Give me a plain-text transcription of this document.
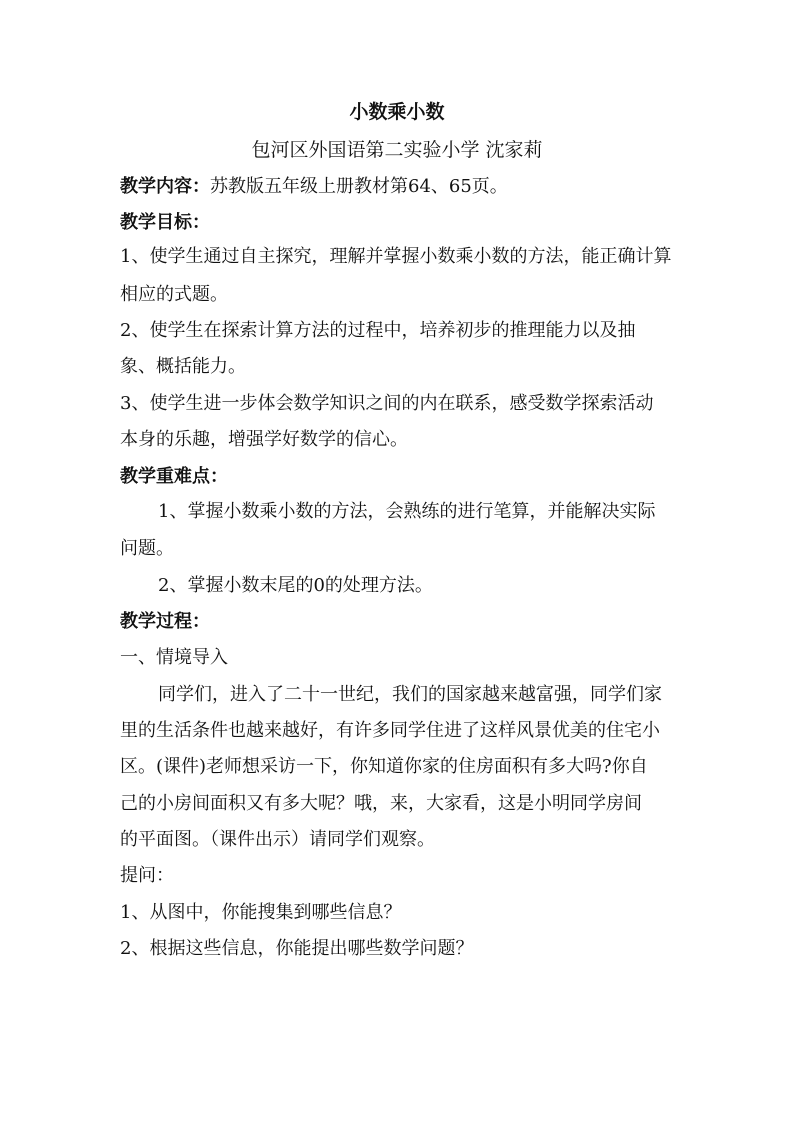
小数乘小数
包河区外国语第二实验小学 沈家莉
教学内容：苏教版五年级上册教材第64、65页。
教学目标：
1、使学生通过自主探究，理解并掌握小数乘小数的方法，能正确计算
相应的式题。
2、使学生在探索计算方法的过程中，培养初步的推理能力以及抽
象、概括能力。
3、使学生进一步体会数学知识之间的内在联系，感受数学探索活动
本身的乐趣，增强学好数学的信心。
教学重难点：
1、掌握小数乘小数的方法，会熟练的进行笔算，并能解决实际
问题。
2、掌握小数末尾的0的处理方法。
教学过程：
一、情境导入
同学们，进入了二十一世纪，我们的国家越来越富强，同学们家
里的生活条件也越来越好，有许多同学住进了这样风景优美的住宅小
区。(课件)老师想采访一下，你知道你家的住房面积有多大吗?你自
己的小房间面积又有多大呢？哦，来，大家看，这是小明同学房间
的平面图。（课件出示）请同学们观察。
提问：
1、从图中，你能搜集到哪些信息？
2、根据这些信息，你能提出哪些数学问题？
